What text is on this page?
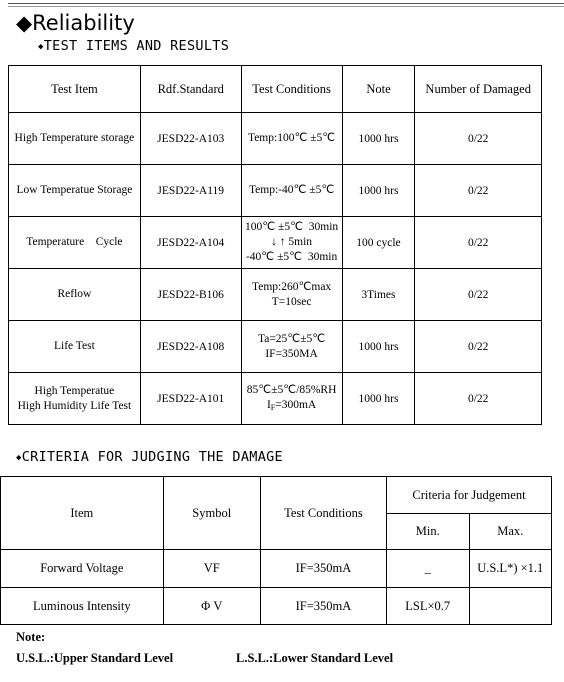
◆Reliability
◆TEST ITEMS AND RESULTS
Test Item	Rdf.Standard	Test Conditions	Note	Number of Damaged

High Temperature storage	JESD22-A103	Temp:100℃ ±5℃	1000 hrs	0/22

Low Temperatue Storage	JESD22-A119	Temp:-40℃ ±5℃	1000 hrs	0/22

Temperature    Cycle	JESD22-A104	100℃ ±5℃  30min
↓ ↑ 5min
-40℃ ±5℃  30min	100 cycle	0/22

Reflow	JESD22-B106	Temp:260℃max
T=10sec	3Times	0/22

Life Test	JESD22-A108	Ta=25℃±5℃
IF=350MA	1000 hrs	0/22

High Temperatue
High Humidity Life Test	JESD22-A101	85℃±5℃/85%RH
$I_F=300mA$	1000 hrs	0/22
◆CRITERIA FOR JUDGING THE DAMAGE
Item	Symbol	Test Conditions	Criteria for Judgement	
			Min.	Max.
Forward Voltage	VF	IF=350mA	_	U.S.L*) ×1.1
Luminous Intensity	Φ V	IF=350mA	LSL×0.7	
Note:
U.S.L.:Upper Standard Level	L.S.L.:Lower Standard Level
